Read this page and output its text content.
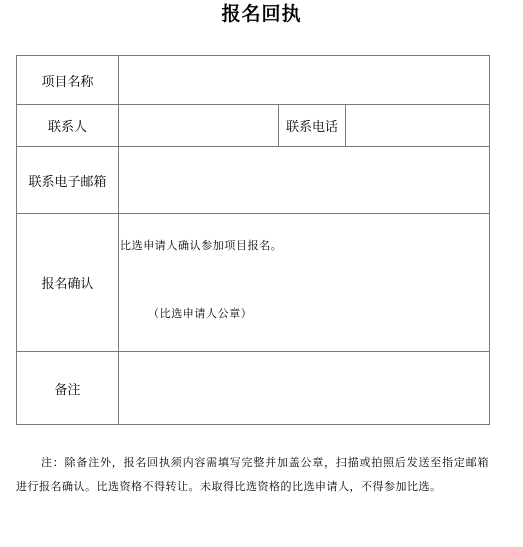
报名回执
项目名称			
联系人		联系电话	
联系电子邮箱			
报名确认	比选申请人确认参加项目报名。
（比选申请人公章）		

备注			

注：除备注外，报名回执须内容需填写完整并加盖公章，扫描或拍照后发送至指定邮箱进行报名确认。比选资格不得转让。未取得比选资格的比选申请人，不得参加比选。
